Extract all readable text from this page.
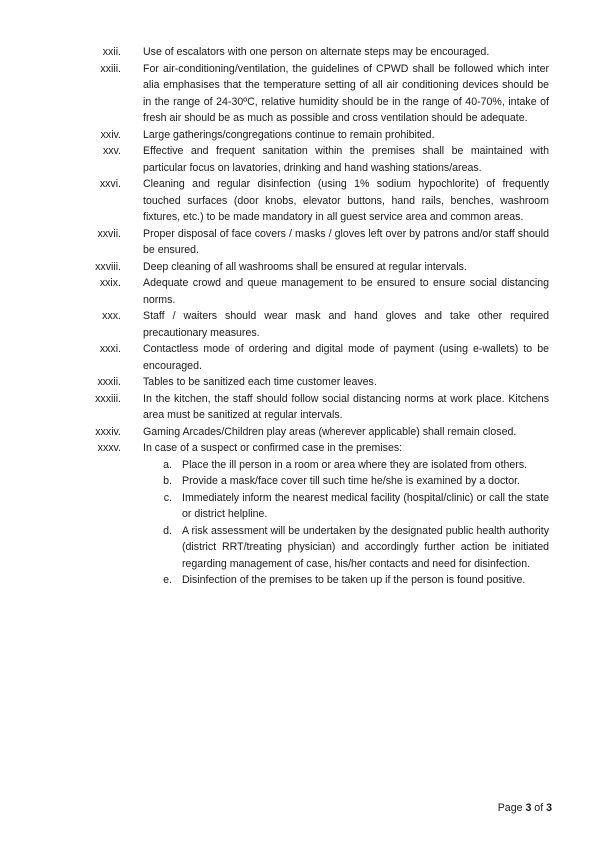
xxii. Use of escalators with one person on alternate steps may be encouraged.
xxiii. For air-conditioning/ventilation, the guidelines of CPWD shall be followed which inter alia emphasises that the temperature setting of all air conditioning devices should be in the range of 24-30ºC, relative humidity should be in the range of 40-70%, intake of fresh air should be as much as possible and cross ventilation should be adequate.
xxiv. Large gatherings/congregations continue to remain prohibited.
xxv. Effective and frequent sanitation within the premises shall be maintained with particular focus on lavatories, drinking and hand washing stations/areas.
xxvi. Cleaning and regular disinfection (using 1% sodium hypochlorite) of frequently touched surfaces (door knobs, elevator buttons, hand rails, benches, washroom fixtures, etc.) to be made mandatory in all guest service area and common areas.
xxvii. Proper disposal of face covers / masks / gloves left over by patrons and/or staff should be ensured.
xxviii. Deep cleaning of all washrooms shall be ensured at regular intervals.
xxix. Adequate crowd and queue management to be ensured to ensure social distancing norms.
xxx. Staff / waiters should wear mask and hand gloves and take other required precautionary measures.
xxxi. Contactless mode of ordering and digital mode of payment (using e-wallets) to be encouraged.
xxxii. Tables to be sanitized each time customer leaves.
xxxiii. In the kitchen, the staff should follow social distancing norms at work place. Kitchens area must be sanitized at regular intervals.
xxxiv. Gaming Arcades/Children play areas (wherever applicable) shall remain closed.
xxxv. In case of a suspect or confirmed case in the premises:
a. Place the ill person in a room or area where they are isolated from others.
b. Provide a mask/face cover till such time he/she is examined by a doctor.
c. Immediately inform the nearest medical facility (hospital/clinic) or call the state or district helpline.
d. A risk assessment will be undertaken by the designated public health authority (district RRT/treating physician) and accordingly further action be initiated regarding management of case, his/her contacts and need for disinfection.
e. Disinfection of the premises to be taken up if the person is found positive.
Page 3 of 3
